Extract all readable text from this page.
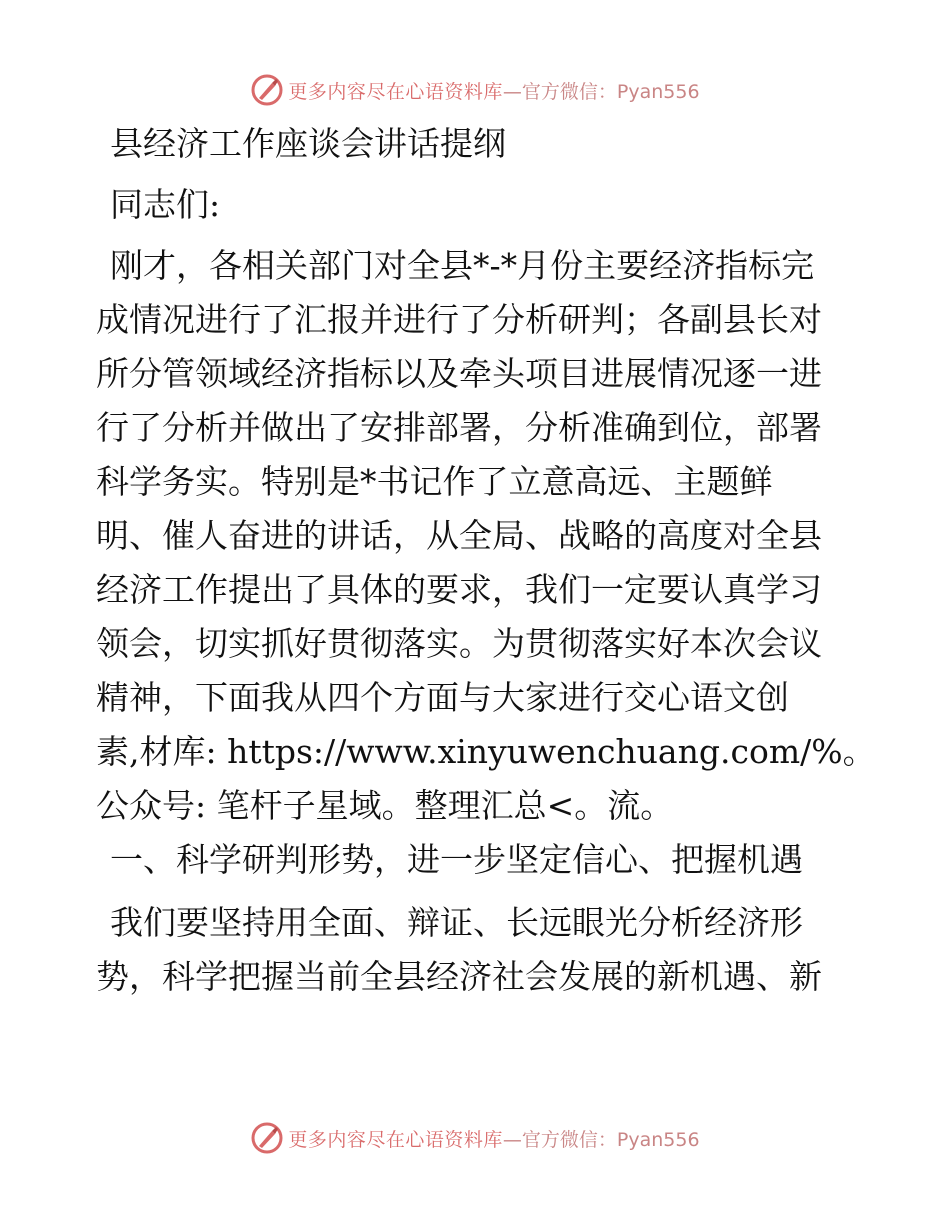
更多内容尽在心语资料库 —官方微信：Pyan556

县经济工作座谈会讲话提纲

同志们:

刚才，各相关部门对全县*-*月份主要经济指标完

成情况进行了汇报并进行了分析研判；各副县长对

所分管领域经济指标以及牵头项目进展情况逐一进

行了分析并做出了安排部署，分析准确到位，部署

科学务实。特别是*书记作了立意高远、主题鲜

明、催人奋进的讲话，从全局、战略的高度对全县

经济工作提出了具体的要求，我们一定要认真学习

领会，切实抓好贯彻落实。为贯彻落实好本次会议

精神，下面我从四个方面与大家进行交心语文创

素,材库: https://www.xinyuwenchuang.com/%。

公众号: 笔杆子星域。整理汇总<。流。

一、科学研判形势，进一步坚定信心、把握机遇

我们要坚持用全面、辩证、长远眼光分析经济形

势，科学把握当前全县经济社会发展的新机遇、新

更多内容尽在心语资料库 —官方微信：Pyan556
